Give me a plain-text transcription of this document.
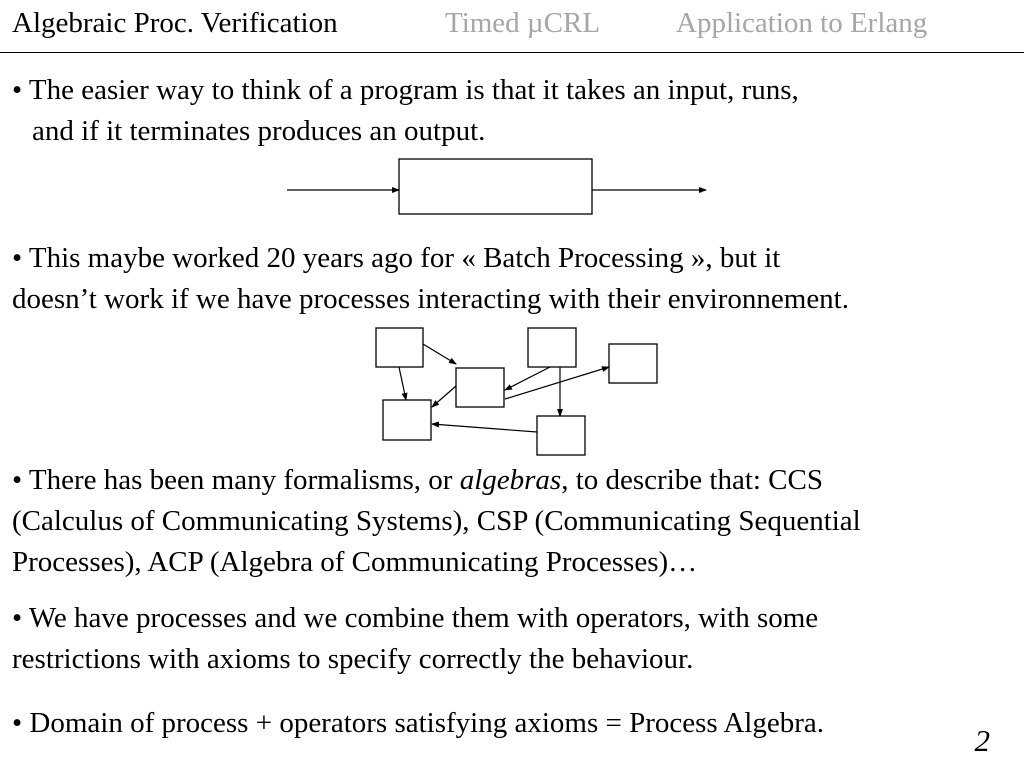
Algebraic Proc. Verification	Timed µCRL	Application to Erlang
• The easier way to think of a program is that it takes an input, runs,
and if it terminates produces an output.
• This maybe worked 20 years ago for « Batch Processing », but it
doesn’t work if we have processes interacting with their environnement.
• There has been many formalisms, or algebras, to describe that: CCS
(Calculus of Communicating Systems), CSP (Communicating Sequential
Processes), ACP (Algebra of Communicating Processes)…
• We have processes and we combine them with operators, with some
restrictions with axioms to specify correctly the behaviour.
• Domain of process + operators satisfying axioms = Process Algebra.	2
